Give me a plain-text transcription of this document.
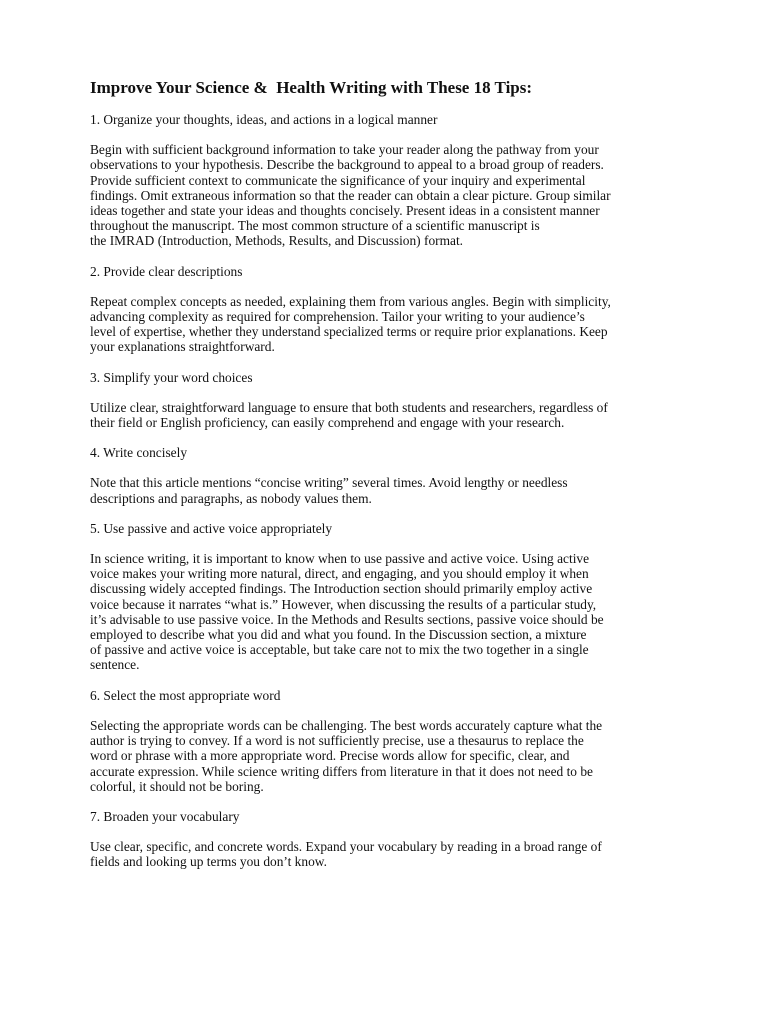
Improve Your Science &  Health Writing with These 18 Tips:
1. Organize your thoughts, ideas, and actions in a logical manner
Begin with sufficient background information to take your reader along the pathway from your
observations to your hypothesis. Describe the background to appeal to a broad group of readers.
Provide sufficient context to communicate the significance of your inquiry and experimental
findings. Omit extraneous information so that the reader can obtain a clear picture. Group similar
ideas together and state your ideas and thoughts concisely. Present ideas in a consistent manner
throughout the manuscript. The most common structure of a scientific manuscript is
the IMRAD (Introduction, Methods, Results, and Discussion) format.
2. Provide clear descriptions
Repeat complex concepts as needed, explaining them from various angles. Begin with simplicity,
advancing complexity as required for comprehension. Tailor your writing to your audience’s
level of expertise, whether they understand specialized terms or require prior explanations. Keep
your explanations straightforward.
3. Simplify your word choices
Utilize clear, straightforward language to ensure that both students and researchers, regardless of
their field or English proficiency, can easily comprehend and engage with your research.
4. Write concisely
Note that this article mentions “concise writing” several times. Avoid lengthy or needless
descriptions and paragraphs, as nobody values them.
5. Use passive and active voice appropriately
In science writing, it is important to know when to use passive and active voice. Using active
voice makes your writing more natural, direct, and engaging, and you should employ it when
discussing widely accepted findings. The Introduction section should primarily employ active
voice because it narrates “what is.” However, when discussing the results of a particular study,
it’s advisable to use passive voice. In the Methods and Results sections, passive voice should be
employed to describe what you did and what you found. In the Discussion section, a mixture
of passive and active voice is acceptable, but take care not to mix the two together in a single
sentence.
6. Select the most appropriate word
Selecting the appropriate words can be challenging. The best words accurately capture what the
author is trying to convey. If a word is not sufficiently precise, use a thesaurus to replace the
word or phrase with a more appropriate word. Precise words allow for specific, clear, and
accurate expression. While science writing differs from literature in that it does not need to be
colorful, it should not be boring.
7. Broaden your vocabulary
Use clear, specific, and concrete words. Expand your vocabulary by reading in a broad range of
fields and looking up terms you don’t know.
